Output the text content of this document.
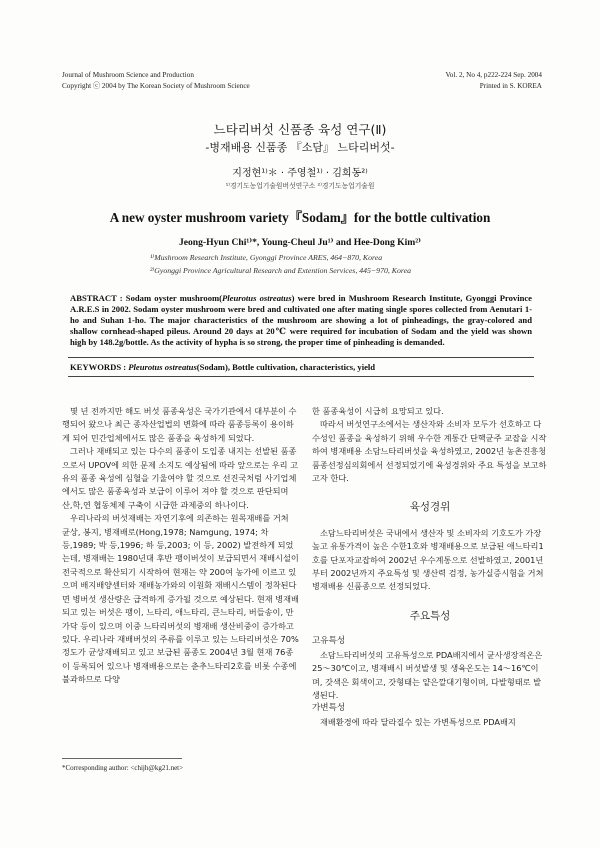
Journal of Mushroom Science and Production
Copyright ⓒ 2004 by The Korean Society of Mushroom Science
Vol. 2, No 4, p222-224 Sep. 2004
Printed in S. KOREA
느타리버섯 신품종 육성 연구(Ⅱ)
-병재배용 신품종 『소담』 느타리버섯-
지정현¹⁾＊ · 주영철¹⁾ · 김희동²⁾
¹⁾경기도농업기술원버섯연구소 ²⁾경기도농업기술원
A new oyster mushroom variety『Sodam』for the bottle cultivation
Jeong-Hyun Chi¹⁾*, Young-Cheul Ju¹⁾ and Hee-Dong Kim²⁾
¹⁾Mushroom Research Institute, Gyonggi Province ARES, 464−870, Korea
²⁾Gyonggi Province Agricultural Research and Extention Services, 445−970, Korea
ABSTRACT : Sodam oyster mushroom(Pleurotus ostreatus) were bred in Mushroom Research Institute, Gyonggi Province A.R.E.S in 2002. Sodam oyster mushroom were bred and cultivated one after mating single spores collected from Aenutari 1-ho and Suhan 1-ho. The major characteristics of the mushroom are showing a lot of pinheadings, the gray-colored and shallow cornhead-shaped pileus. Around 20 days at 20℃ were required for incubation of Sodam and the yield was shown high by 148.2g/bottle. As the activity of hypha is so strong, the proper time of pinheading is demanded.
KEYWORDS : Pleurotus ostreatus(Sodam), Bottle cultivation, characteristics, yield

몇 년 전까지만 해도 버섯 품종육성은 국가기관에서 대부분이 수행되어 왔으나 최근 종자산업법의 변화에 따라 품종등록이 용이하게 되어 민간업체에서도 많은 품종을 육성하게 되었다.

그러나 재배되고 있는 다수의 품종이 도입종 내지는 선발된 품종으로서 UPOV에 의한 문제 소지도 예상됨에 따라 앞으로는 우리 고유의 품종 육성에 심혈을 기울여야 할 것으로 선진국처럼 사기업체에서도 많은 품종육성과 보급이 이루어 져야 할 것으로 판단되며 산,학,연 협동체제 구축이 시급한 과제중의 하나이다.

우리나라의 버섯재배는 자연기후에 의존하는 원목재배를 거쳐 균상, 봉지, 병재배로(Hong,1978; Namgung, 1974; 차 등,1989; 박 등,1996; 하 등,2003; 이 등, 2002) 발전하게 되었는데, 병재배는 1980년대 후반 팽이버섯이 보급되면서 재배시설이 전국적으로 확산되기 시작하여 현재는 약 200여 농가에 이르고 있으며 배지배양센터와 재배농가와의 이원화 재배시스템이 정착된다면 병버섯 생산량은 급격하게 증가될 것으로 예상된다. 현재 병재배되고 있는 버섯은 팽이, 느타리, 애느타리, 큰느타리, 버들송이, 만가닥 등이 있으며 이중 느타리버섯의 병재배 생산비중이 증가하고 있다. 우리나라 재배버섯의 주류를 이루고 있는 느타리버섯은 70%정도가 균상재배되고 있고 보급된 품종도 2004년 3월 현재 76종이 등록되어 있으나 병재배용으로는 춘추느타리2호를 비롯 수종에 불과하므로 다양

한 품종육성이 시급히 요망되고 있다.

따라서 버섯연구소에서는 생산자와 소비자 모두가 선호하고 다수성인 품종을 육성하기 위해 우수한 계통간 단핵균주 교잡을 시작하여 병재배용 소담느타리버섯을 육성하였고, 2002년 농촌진흥청 품종선정심의회에서 선정되었기에 육성경위와 주요 특성을 보고하고자 한다.

육성경위

소담느타리버섯은 국내에서 생산자 및 소비자의 기호도가 가장 높고 유통가격이 높은 수한1호와 병재배용으로 보급된 애느타리1호를 단포자교잡하여 2002년 우수계통으로 선발하였고, 2001년부터 2002년까지 주요특성 및 생산력 검정, 농가실증시험을 거쳐 병재배용 신품종으로 선정되었다.

주요특성

고유특성

소담느타리버섯의 고유특성으로 PDA배지에서 균사생장적온은 25～30℃이고, 병재배시 버섯발생 및 생육온도는 14～16℃이며, 갓색은 회색이고, 갓형태는 얕은깔대기형이며, 다발형태로 발생된다.

가변특성

재배환경에 따라 달라질수 있는 가변특성으로 PDA배지

*Corresponding author: <chijh@kg21.net>
